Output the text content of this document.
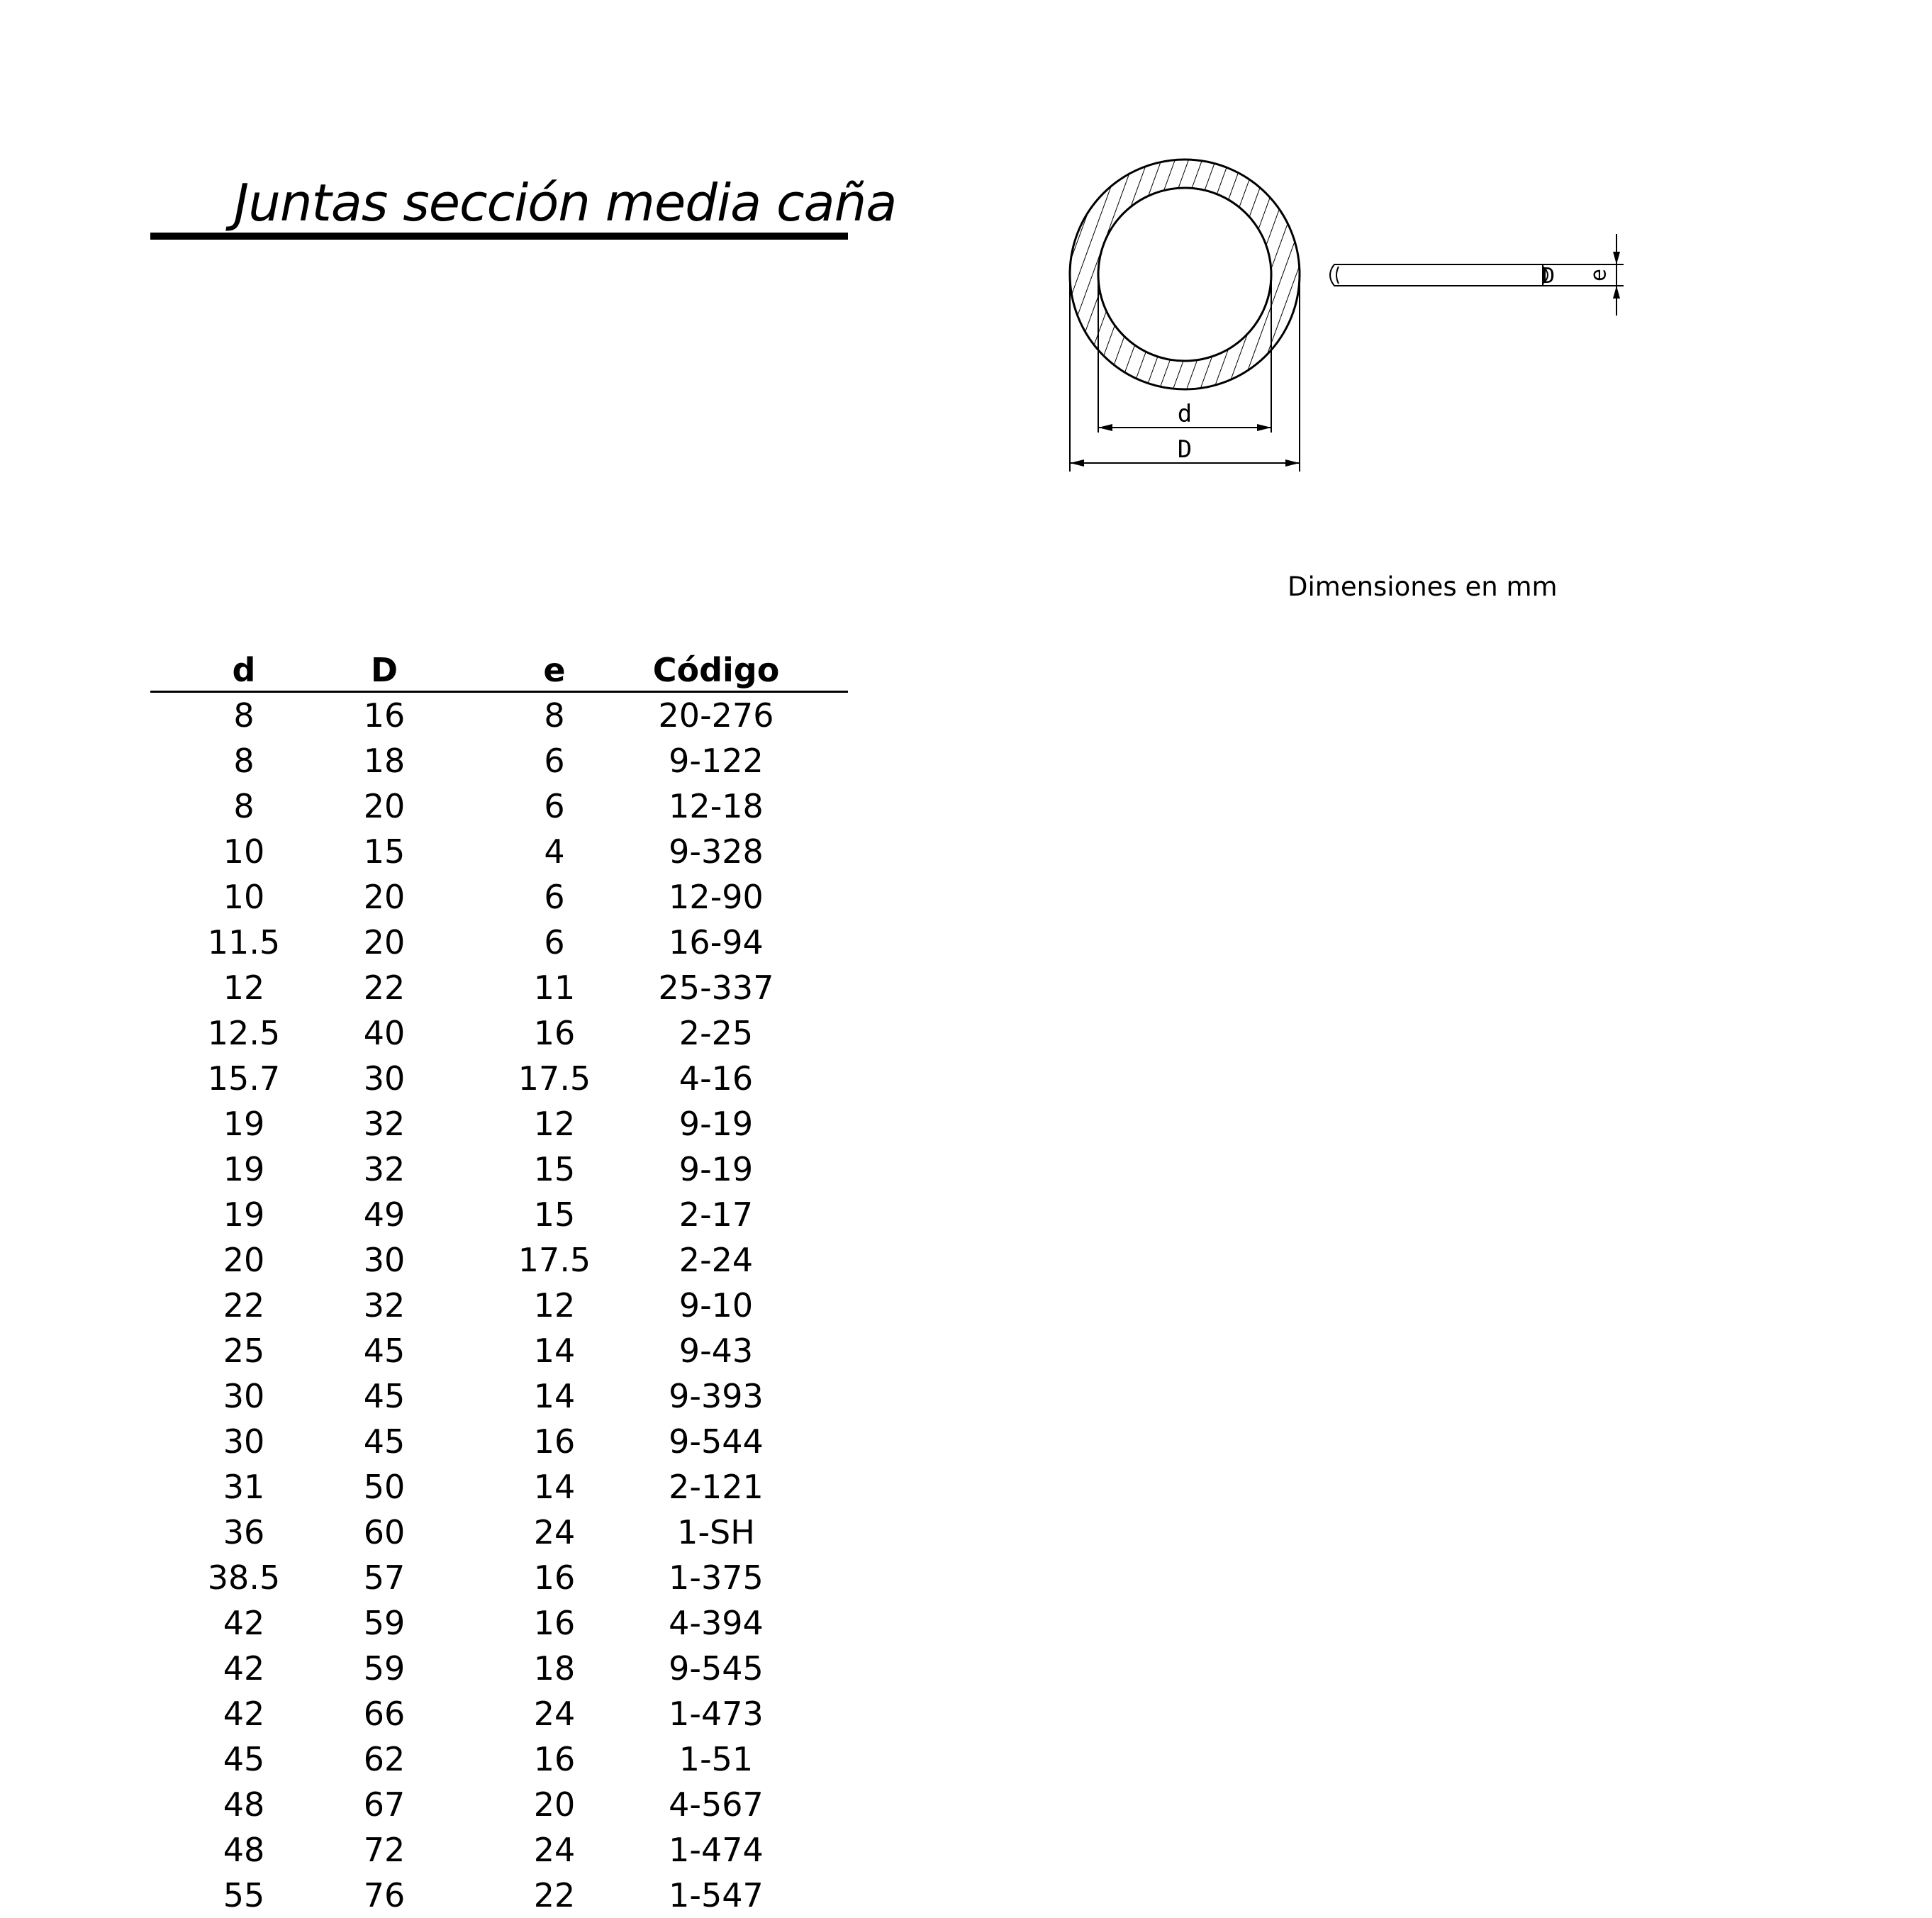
Juntas sección media caña
d
D
D e
Dimensiones en mm
d	D	e	Código
8	16	8	20-276
8	18	6	9-122
8	20	6	12-18
10	15	4	9-328
10	20	6	12-90
11.5	20	6	16-94
12	22	11	25-337
12.5	40	16	2-25
15.7	30	17.5	4-16
19	32	12	9-19
19	32	15	9-19
19	49	15	2-17
20	30	17.5	2-24
22	32	12	9-10
25	45	14	9-43
30	45	14	9-393
30	45	16	9-544
31	50	14	2-121
36	60	24	1-SH
38.5	57	16	1-375
42	59	16	4-394
42	59	18	9-545
42	66	24	1-473
45	62	16	1-51
48	67	20	4-567
48	72	24	1-474
55	76	22	1-547
